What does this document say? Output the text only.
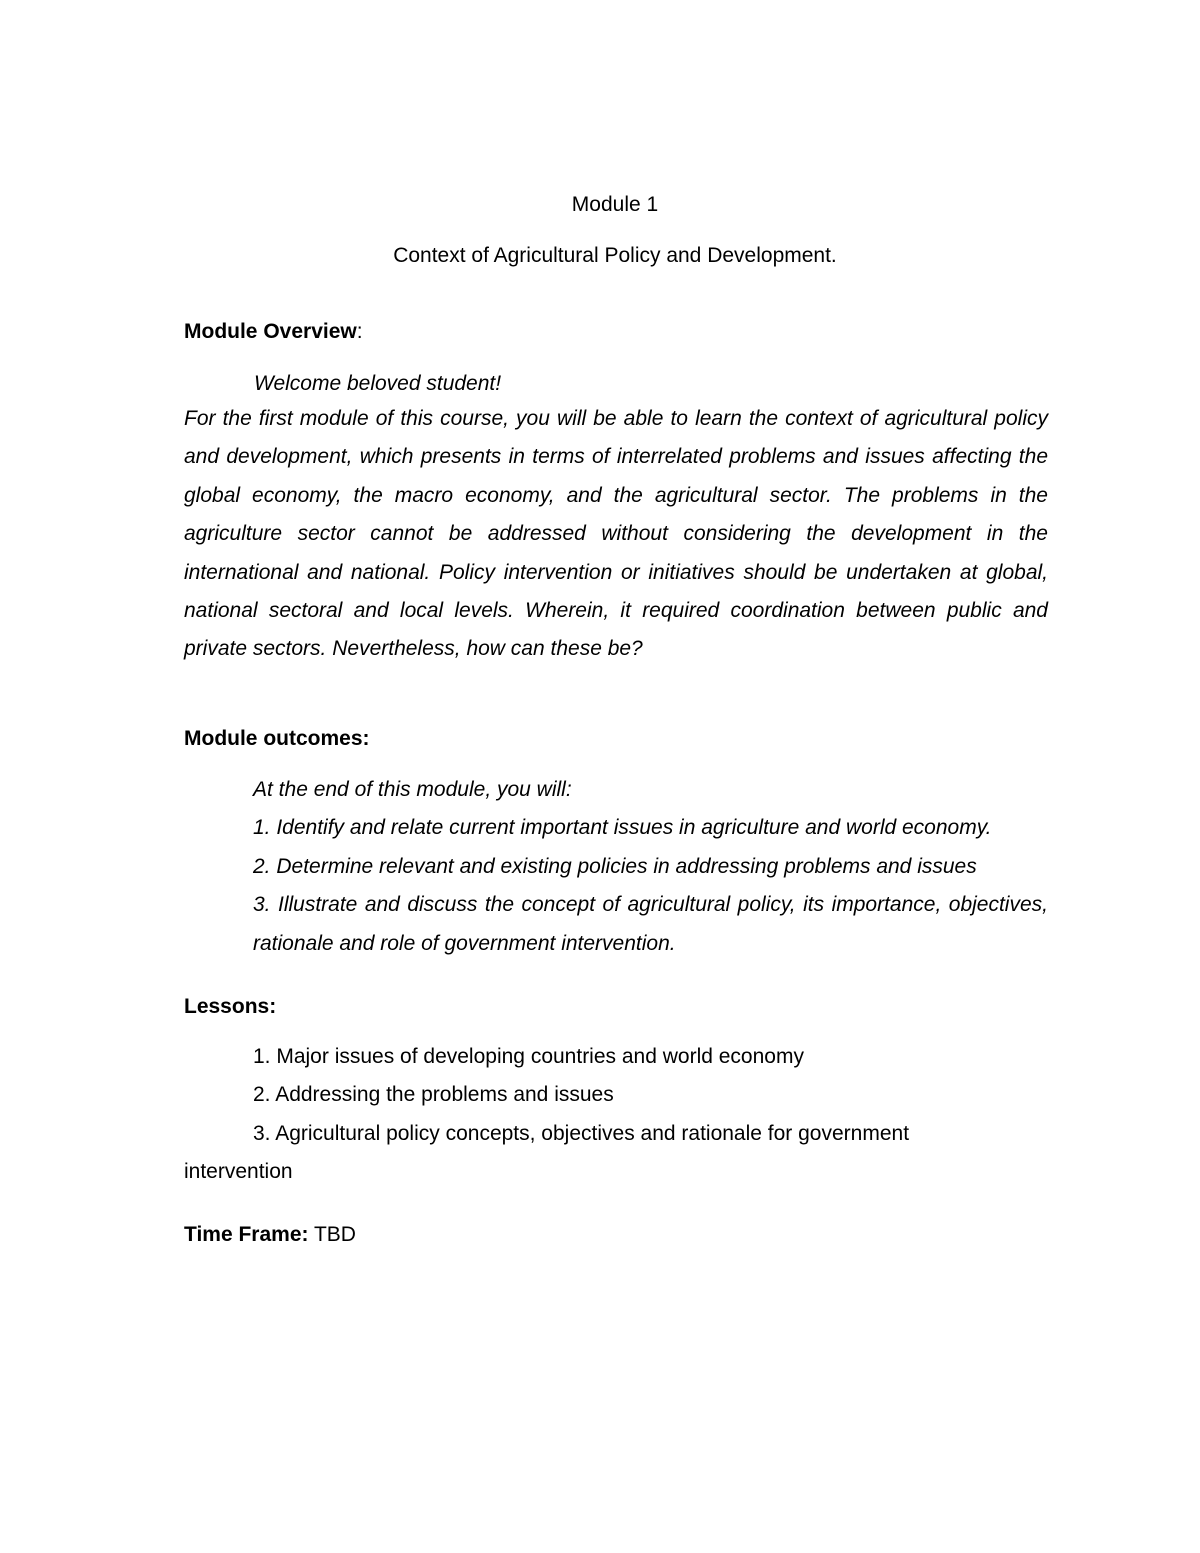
Module 1
Context of Agricultural Policy and Development.
Module Overview:
Welcome beloved student!
For the first module of this course, you will be able to learn the context of agricultural policy and development, which presents in terms of interrelated problems and issues affecting the global economy, the macro economy, and the agricultural sector. The problems in the agriculture sector cannot be addressed without considering the development in the international and national. Policy intervention or initiatives should be undertaken at global, national sectoral and local levels. Wherein, it required coordination between public and private sectors. Nevertheless, how can these be?
Module outcomes:
At the end of this module, you will:
1. Identify and relate current important issues in agriculture and world economy.
2. Determine relevant and existing policies in addressing problems and issues
3. Illustrate and discuss the concept of agricultural policy, its importance, objectives, rationale and role of government intervention.
Lessons:
1. Major issues of developing countries and world economy
2. Addressing the problems and issues
3. Agricultural policy concepts, objectives and rationale for government
intervention
Time Frame: TBD
